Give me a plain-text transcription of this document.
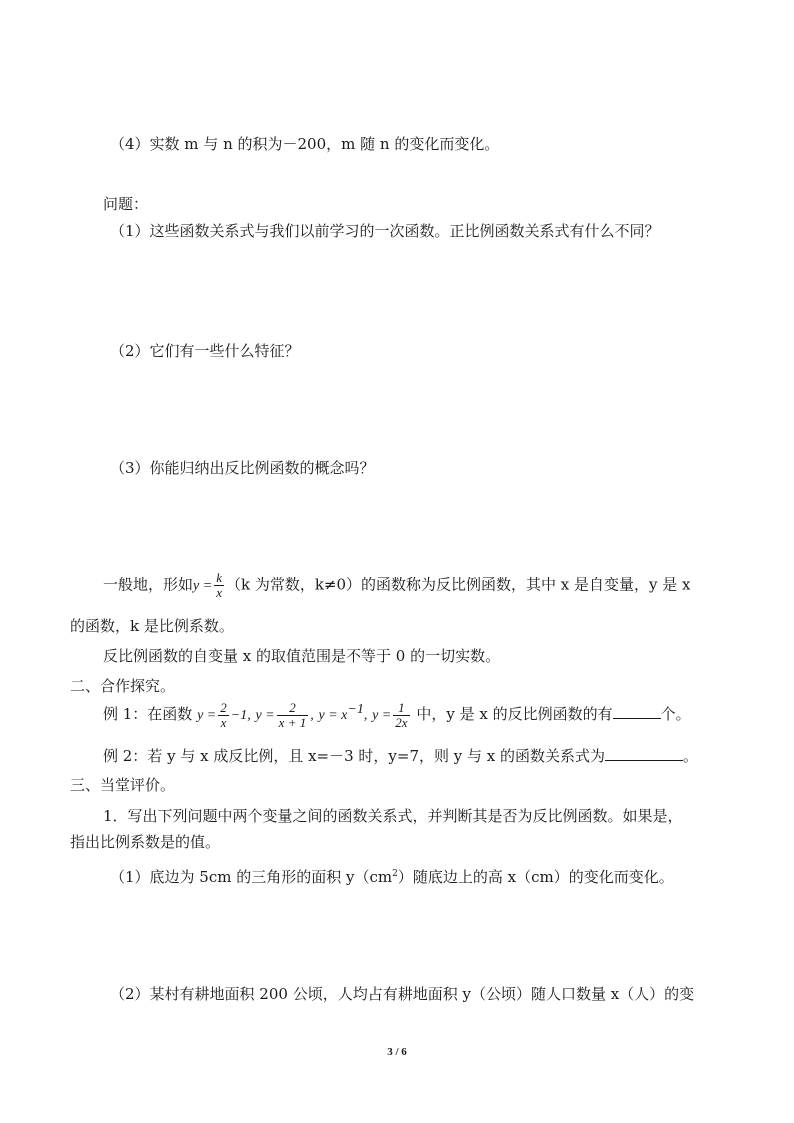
（4）实数 m 与 n 的积为－200，m 随 n 的变化而变化。
问题：
（1）这些函数关系式与我们以前学习的一次函数。正比例函数关系式有什么不同？
（2）它们有一些什么特征？
（3）你能归纳出反比例函数的概念吗？
一般地，形如$y = \frac{k}{x} (k$ 为常数，k≠0）的函数称为反比例函数，其中 x 是自变量，y 是 x
的函数，k 是比例系数。
反比例函数的自变量 x 的取值范围是不等于 0 的一切实数。
二、合作探究。
例 1：在函数 $y = \frac{2}{x} -1$, $y = \frac{2}{x + 1}$ , $y = x^{-1}$, $y = \frac{1}{2x}$ 中，y 是 x 的反比例函数的有	个。
例 2：若 y 与 x 成反比例，且 x=－3 时，y=7，则 y 与 x 的函数关系式为	。
三、当堂评价。
1．写出下列问题中两个变量之间的函数关系式，并判断其是否为反比例函数。如果是，
指出比例系数是的值。
（1）底边为 5cm 的三角形的面积 $y(cm^2)$随底边上的高 x（cm）的变化而变化。
（2）某村有耕地面积 200 公顷，人均占有耕地面积 y（公顷）随人口数量 x（人）的变
3 / 6
